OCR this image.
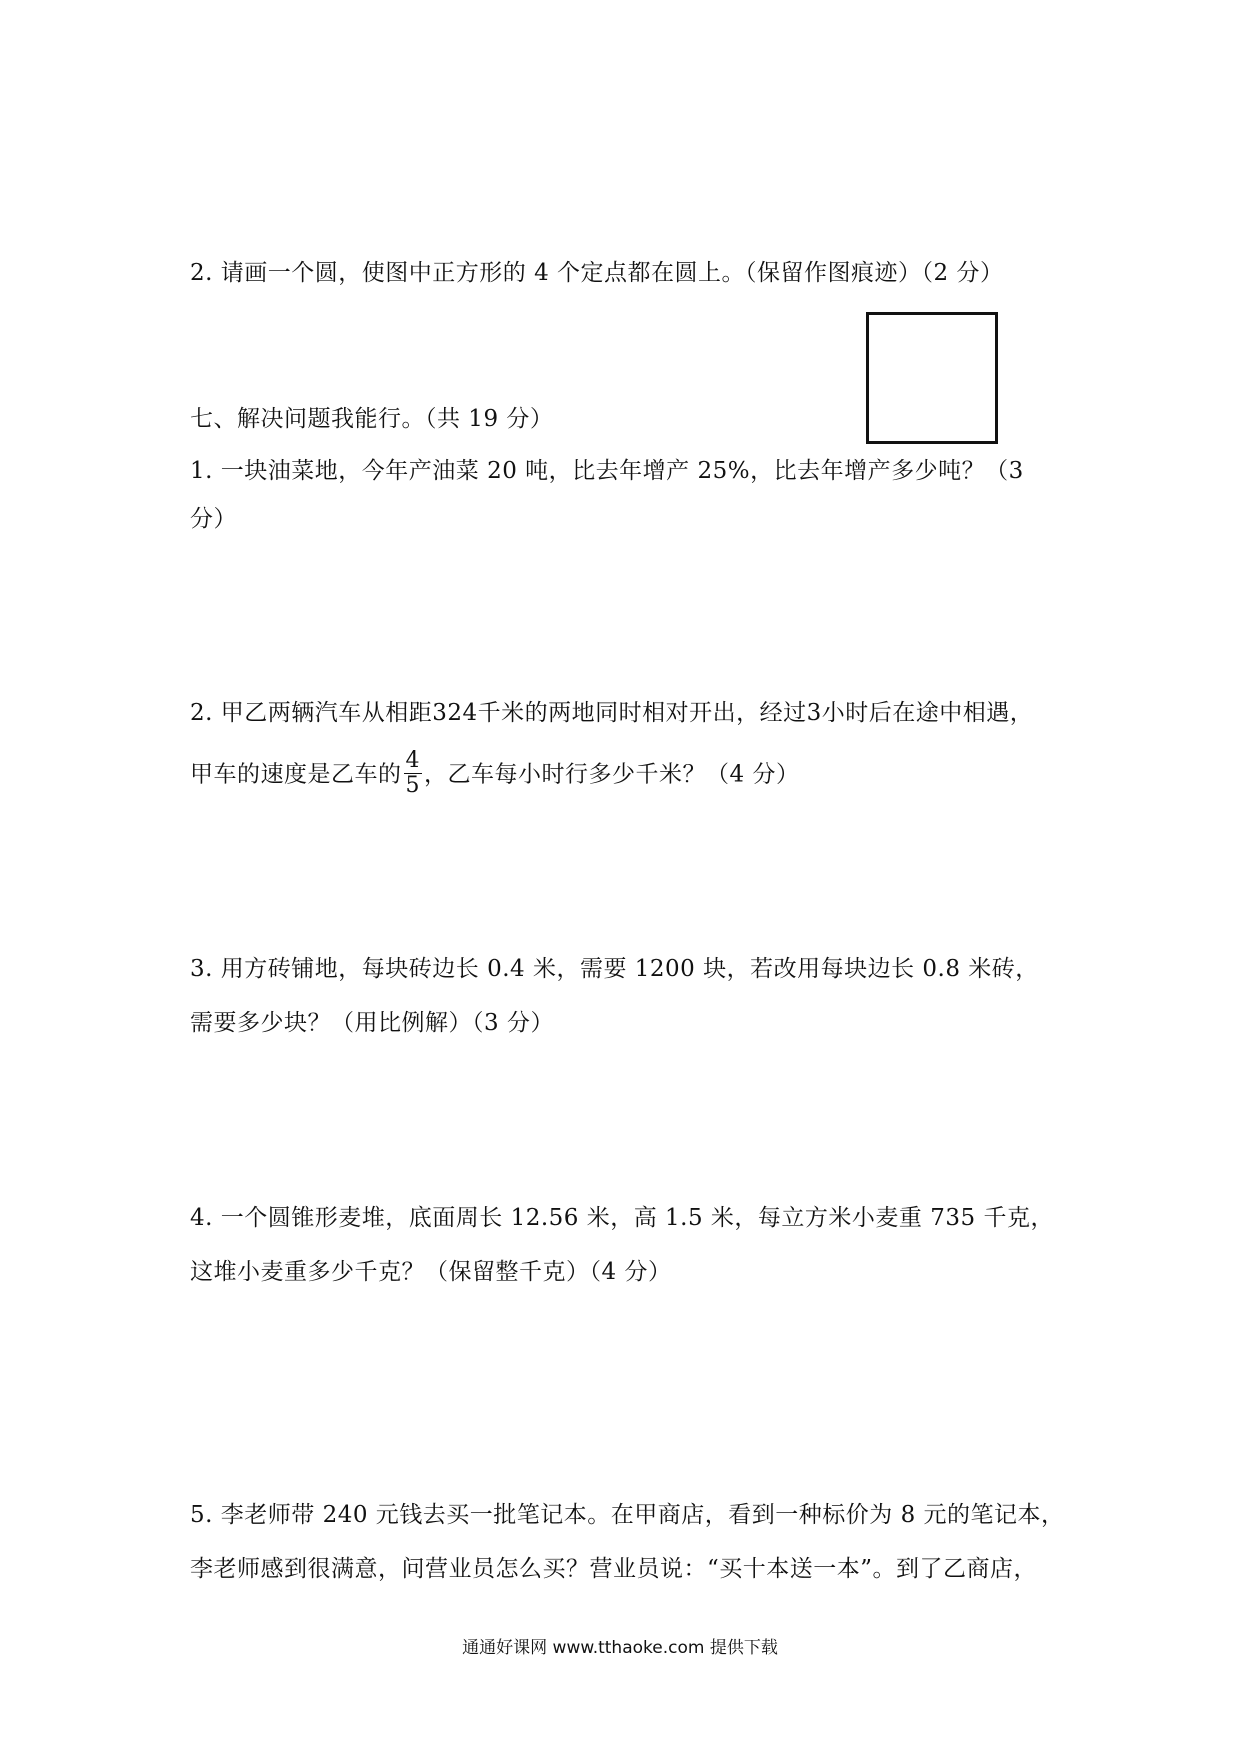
2. 请画一个圆，使图中正方形的 4 个定点都在圆上。（保留作图痕迹）（2 分）
七、解决问题我能行。（共 19 分）
1. 一块油菜地，今年产油菜 20 吨，比去年增产 25%，比去年增产多少吨？（3
分）
2. 甲乙两辆汽车从相距324千米的两地同时相对开出，经过3小时后在途中相遇，
甲车的速度是乙车的 $\frac{4}{5}$ ，乙车每小时行多少千米？（4 分）
3. 用方砖铺地，每块砖边长 0.4 米，需要 1200 块，若改用每块边长 0.8 米砖，
需要多少块？（用比例解）（3 分）
4. 一个圆锥形麦堆，底面周长 12.56 米，高 1.5 米，每立方米小麦重 735 千克，
这堆小麦重多少千克？（保留整千克）（4 分）
5. 李老师带 240 元钱去买一批笔记本。在甲商店，看到一种标价为 8 元的笔记本，
李老师感到很满意，问营业员怎么买？营业员说：“买十本送一本”。到了乙商店，
通通好课网 www.tthaoke.com 提供下载
